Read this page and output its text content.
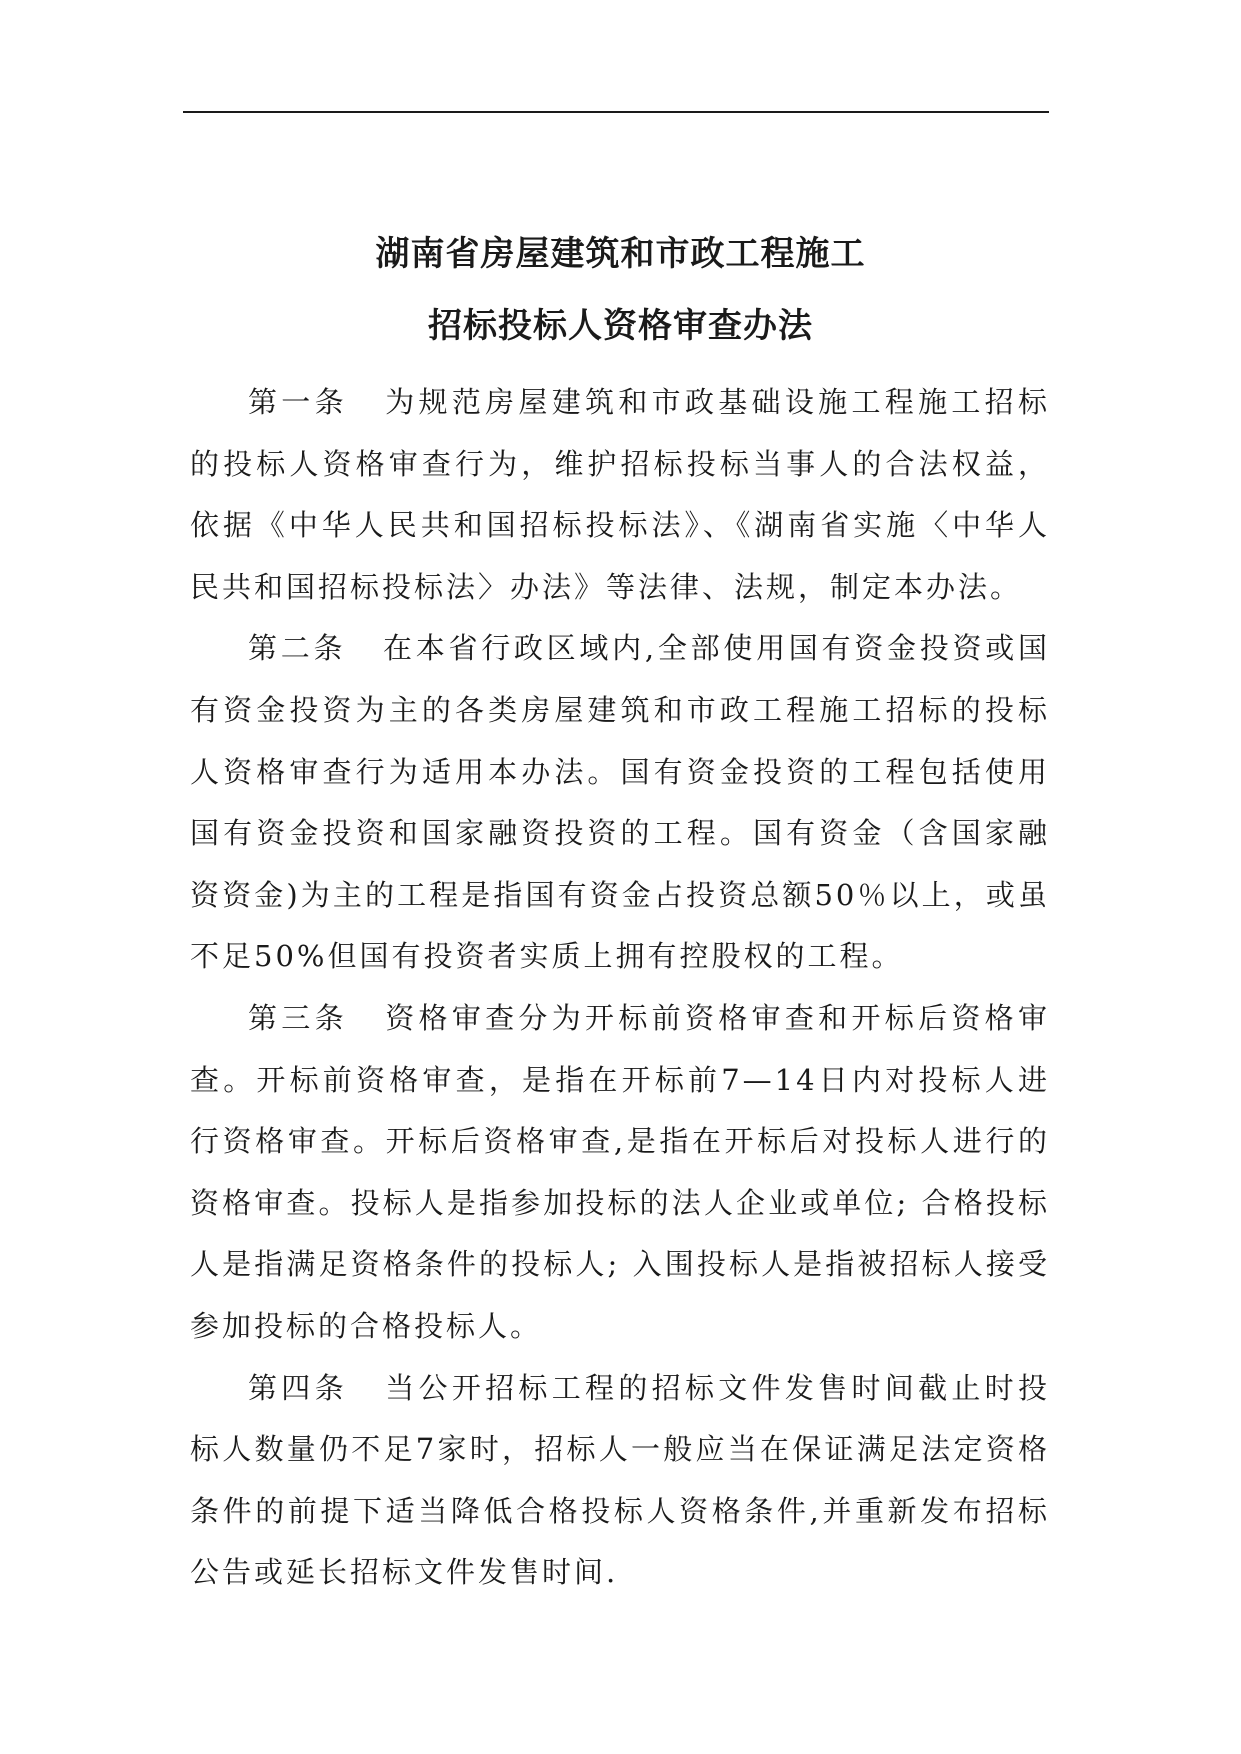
湖南省房屋建筑和市政工程施工
招标投标人资格审查办法

第一条 为规范房屋建筑和市政基础设施工程施工招标的投标人资格审查行为，维护招标投标当事人的合法权益，依据《中华人民共和国招标投标法》、《湖南省实施〈中华人民共和国招标投标法〉办法》等法律、法规，制定本办法。

第二条 在本省行政区域内,全部使用国有资金投资或国有资金投资为主的各类房屋建筑和市政工程施工招标的投标人资格审查行为适用本办法。国有资金投资的工程包括使用国有资金投资和国家融资投资的工程。国有资金（含国家融资资金)为主的工程是指国有资金占投资总额50％以上，或虽不足50%但国有投资者实质上拥有控股权的工程。

第三条 资格审查分为开标前资格审查和开标后资格审查。开标前资格审查，是指在开标前7—14日内对投标人进行资格审查。开标后资格审查,是指在开标后对投标人进行的资格审查。投标人是指参加投标的法人企业或单位; 合格投标人是指满足资格条件的投标人; 入围投标人是指被招标人接受参加投标的合格投标人。

第四条 当公开招标工程的招标文件发售时间截止时投标人数量仍不足7家时，招标人一般应当在保证满足法定资格条件的前提下适当降低合格投标人资格条件,并重新发布招标公告或延长招标文件发售时间.
